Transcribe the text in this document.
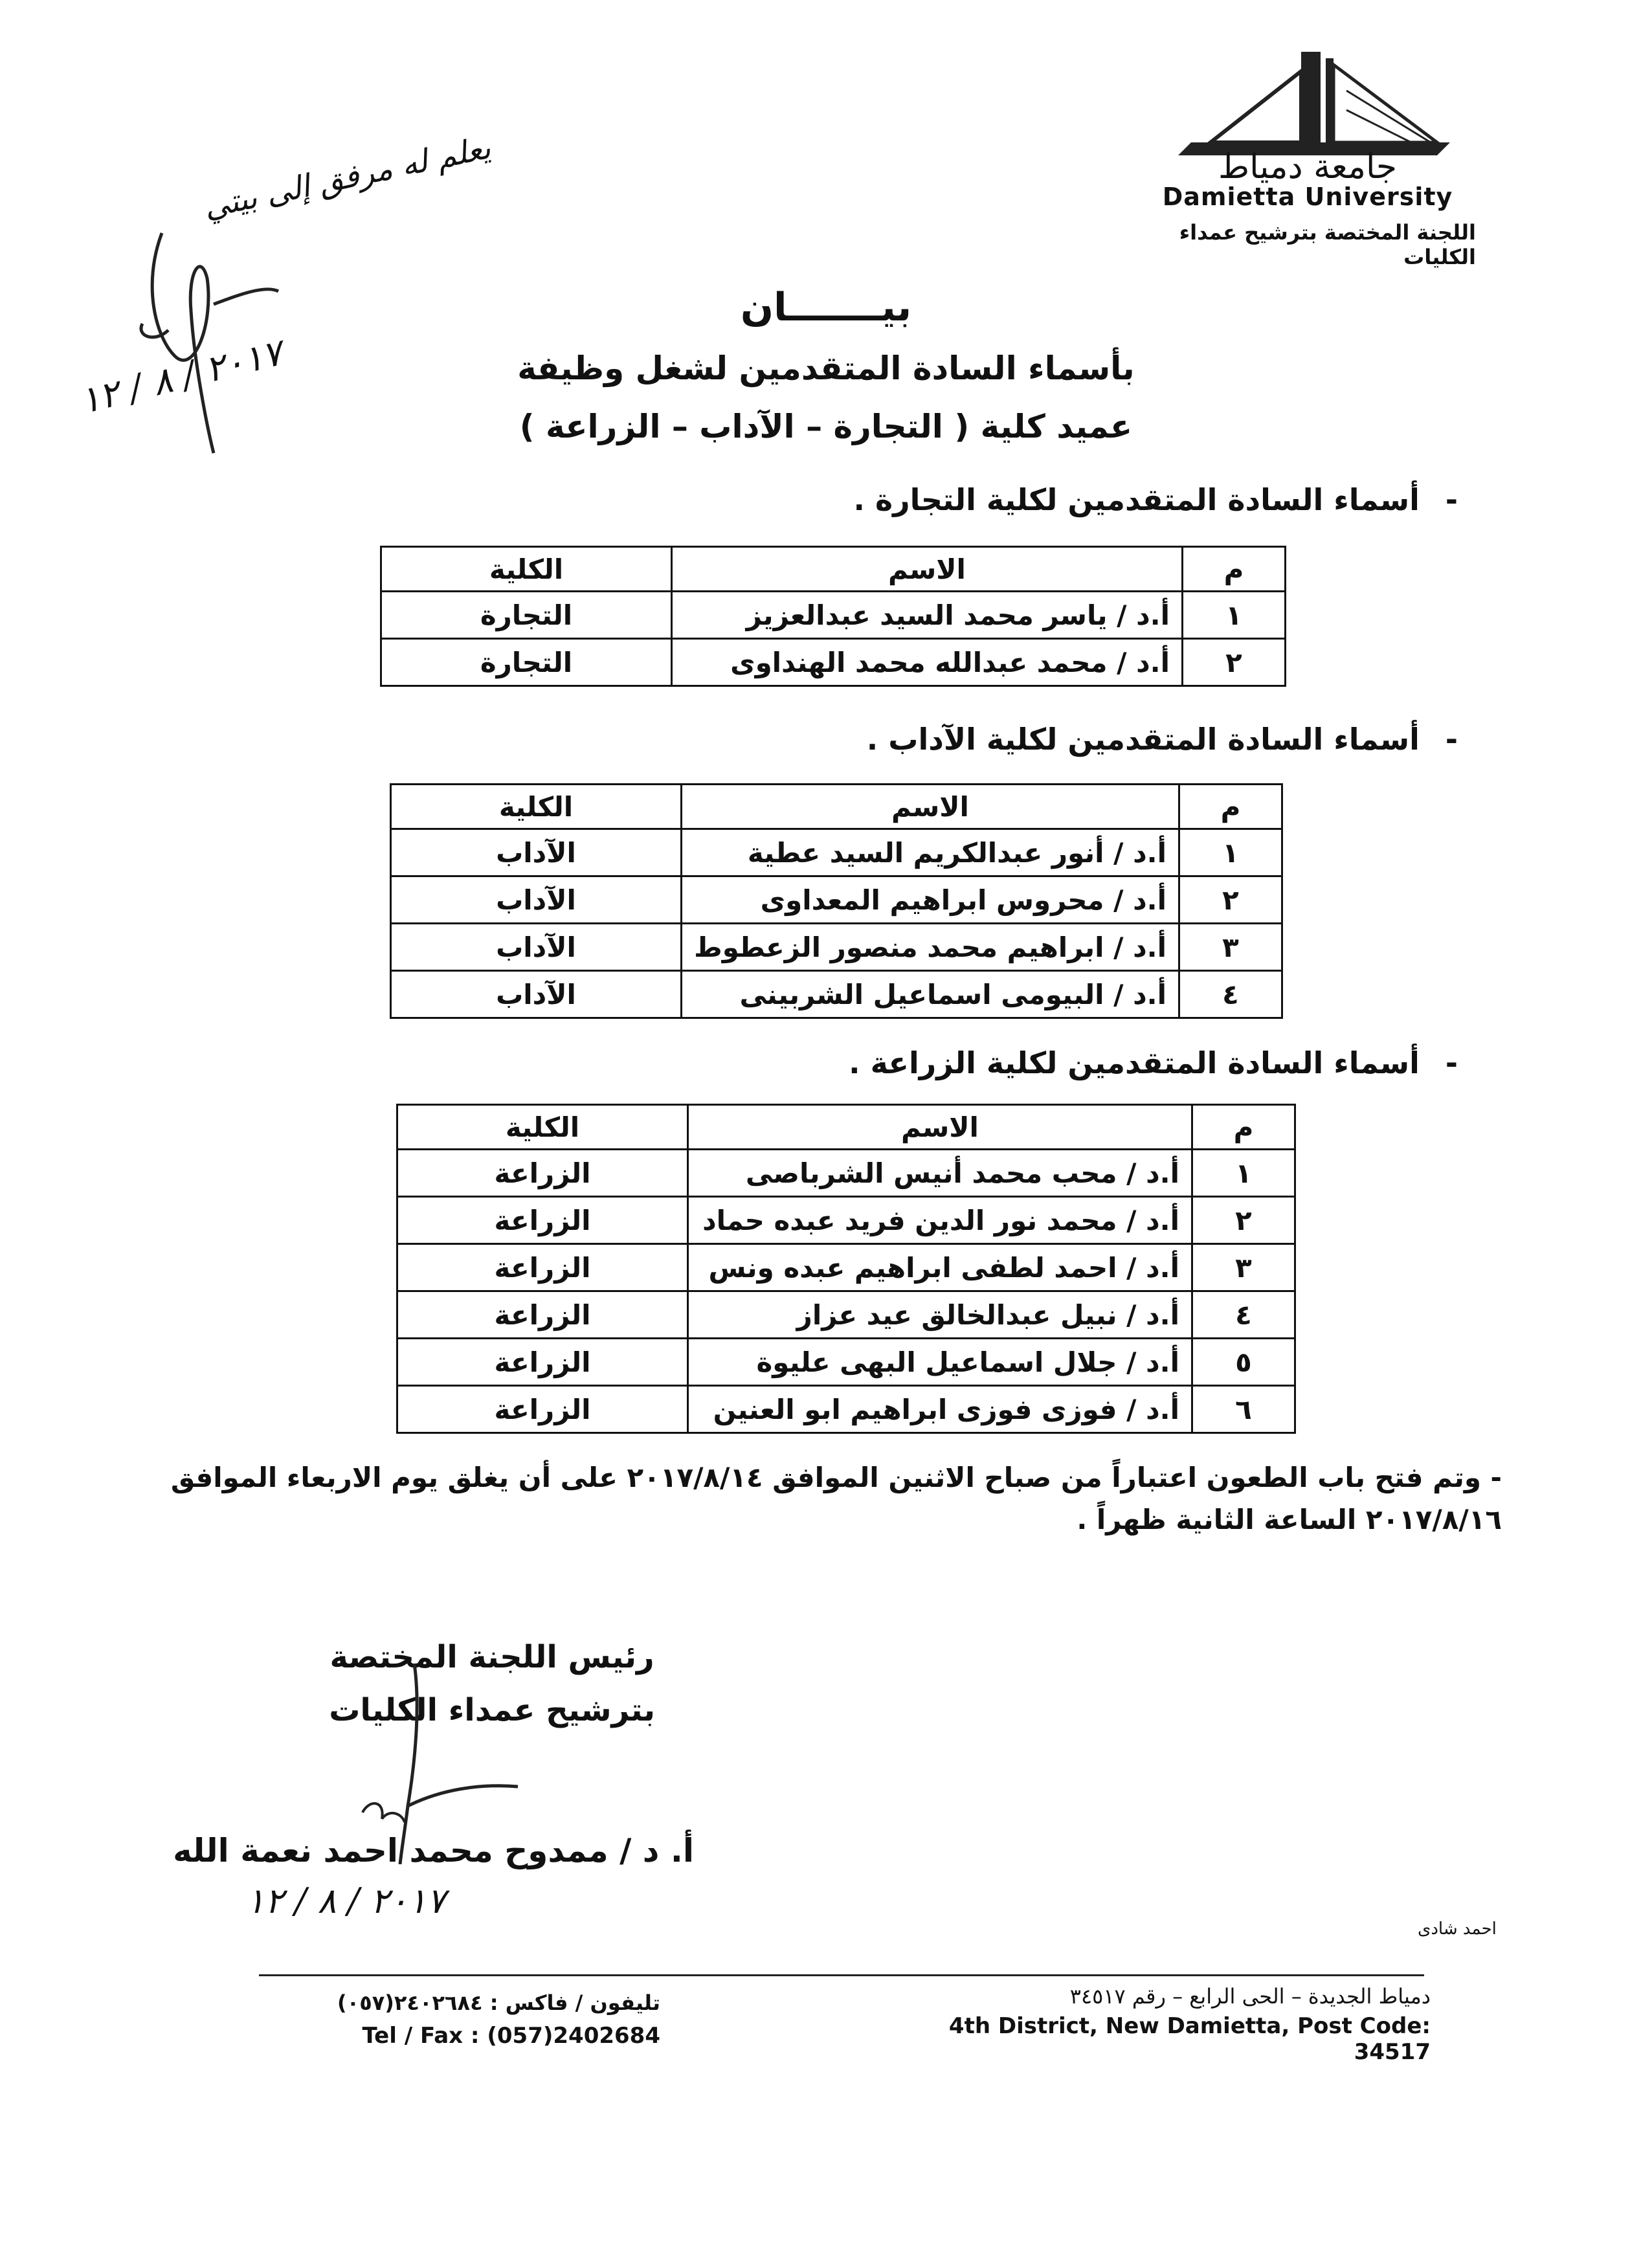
جامعة دمياط
Damietta University
اللجنة المختصة بترشيح عمداء الكليات
يعلم له مرفق إلى بيتي
٢٠١٧ / ٨ / ١٢
بيـــــــان
بأسماء السادة المتقدمين لشغل وظيفة
عميد كلية ( التجارة – الآداب – الزراعة )
-أسماء السادة المتقدمين لكلية التجارة .
م	الاسم	الكلية
١	أ.د / ياسر محمد السيد عبدالعزيز	التجارة
٢	أ.د / محمد عبدالله محمد الهنداوى	التجارة
-أسماء السادة المتقدمين لكلية الآداب .
م	الاسم	الكلية
١	أ.د / أنور عبدالكريم السيد عطية	الآداب
٢	أ.د / محروس ابراهيم المعداوى	الآداب
٣	أ.د / ابراهيم محمد منصور الزعطوط	الآداب
٤	أ.د / البيومى اسماعيل الشربينى	الآداب
-أسماء السادة المتقدمين لكلية الزراعة .
م	الاسم	الكلية
١	أ.د / محب محمد أنيس الشرباصى	الزراعة
٢	أ.د / محمد نور الدين فريد عبده حماد	الزراعة
٣	أ.د / احمد لطفى ابراهيم عبده ونس	الزراعة
٤	أ.د / نبيل عبدالخالق عيد عزاز	الزراعة
٥	أ.د / جلال اسماعيل البهى عليوة	الزراعة
٦	أ.د / فوزى فوزى ابراهيم ابو العنين	الزراعة
- وتم فتح باب الطعون اعتباراً من صباح الاثنين الموافق ٢٠١٧/٨/١٤ على أن يغلق يوم الاربعاء الموافق ٢٠١٧/٨/١٦ الساعة الثانية ظهراً .
رئيس اللجنة المختصة
بترشيح عمداء الكليات
أ. د / ممدوح محمد احمد نعمة الله
٢٠١٧ / ٨ / ١٢
احمد شادى
دمياط الجديدة – الحى الرابع – رقم ٣٤٥١٧
4th District, New Damietta, Post Code: 34517
تليفون / فاكس : ٢٤٠٢٦٨٤(٠٥٧)
Tel / Fax : (057)2402684
